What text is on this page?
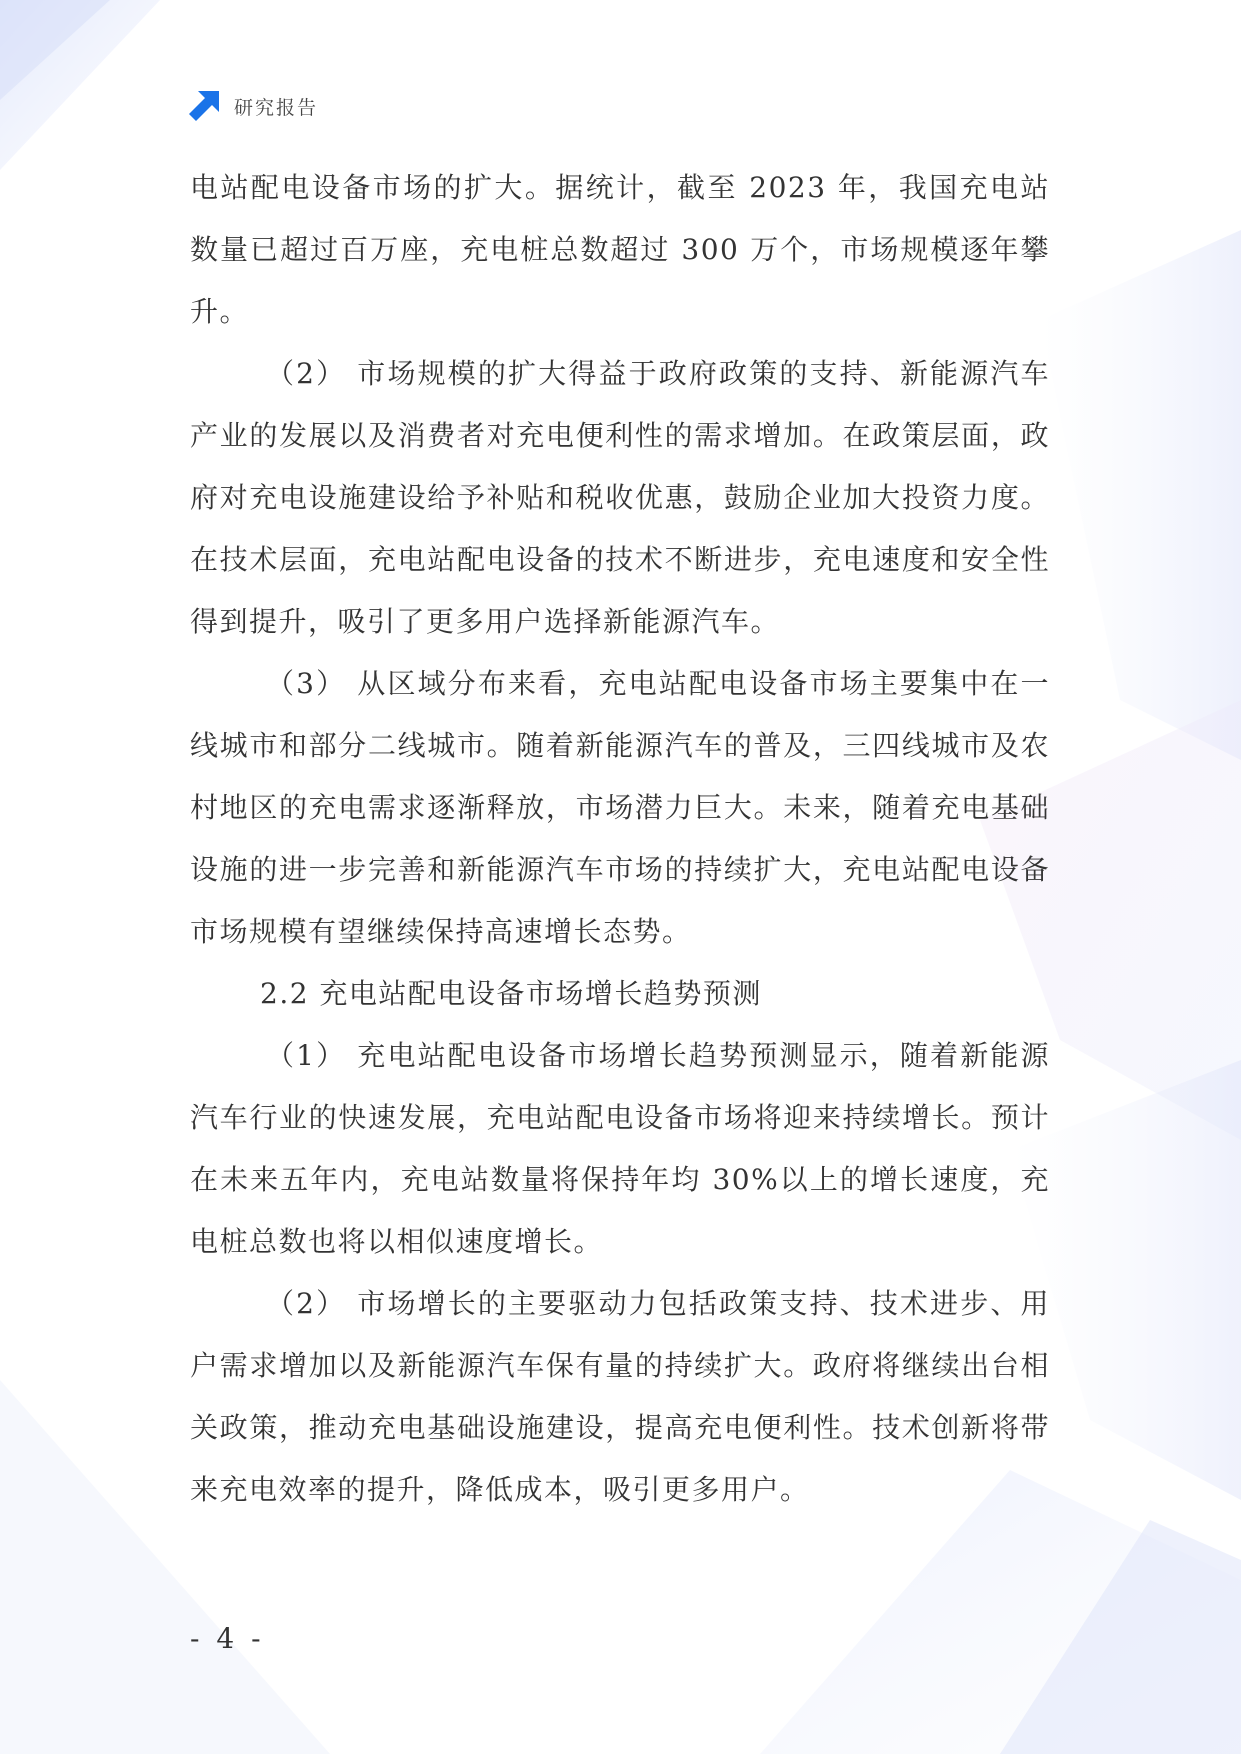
研究报告

电站配电设备市场的扩大。据统计，截至 2023 年，我国充电站数量已超过百万座，充电桩总数超过 300 万个，市场规模逐年攀升。

（2） 市场规模的扩大得益于政府政策的支持、新能源汽车产业的发展以及消费者对充电便利性的需求增加。在政策层面，政府对充电设施建设给予补贴和税收优惠，鼓励企业加大投资力度。在技术层面，充电站配电设备的技术不断进步，充电速度和安全性得到提升，吸引了更多用户选择新能源汽车。

（3） 从区域分布来看，充电站配电设备市场主要集中在一线城市和部分二线城市。随着新能源汽车的普及，三四线城市及农村地区的充电需求逐渐释放，市场潜力巨大。未来，随着充电基础设施的进一步完善和新能源汽车市场的持续扩大，充电站配电设备市场规模有望继续保持高速增长态势。

2.2 充电站配电设备市场增长趋势预测

（1） 充电站配电设备市场增长趋势预测显示，随着新能源汽车行业的快速发展，充电站配电设备市场将迎来持续增长。预计在未来五年内，充电站数量将保持年均 30%以上的增长速度，充电桩总数也将以相似速度增长。

（2） 市场增长的主要驱动力包括政策支持、技术进步、用户需求增加以及新能源汽车保有量的持续扩大。政府将继续出台相关政策，推动充电基础设施建设，提高充电便利性。技术创新将带来充电效率的提升，降低成本，吸引更多用户。

- 4 -
